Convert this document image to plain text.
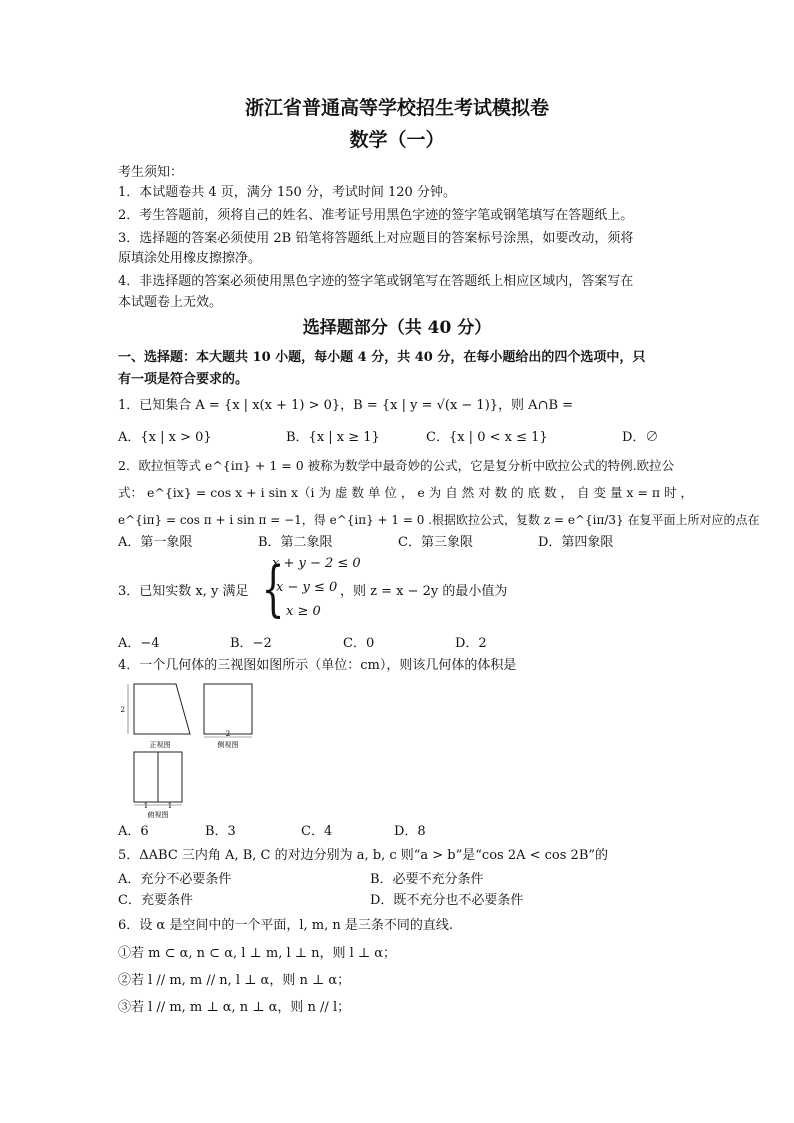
浙江省普通高等学校招生考试模拟卷
数学（一）
考生须知：
1．本试题卷共 4 页，满分 150 分，考试时间 120 分钟。
2．考生答题前，须将自己的姓名、准考证号用黑色字迹的签字笔或钢笔填写在答题纸上。
3．选择题的答案必须使用 2B 铅笔将答题纸上对应题目的答案标号涂黑，如要改动，须将
原填涂处用橡皮擦擦净。
4．非选择题的答案必须使用黑色字迹的签字笔或钢笔写在答题纸上相应区域内，答案写在
本试题卷上无效。
选择题部分（共 40 分）
一、选择题：本大题共 10 小题，每小题 4 分，共 40 分，在每小题给出的四个选项中，只
有一项是符合要求的。
1．已知集合 A = {x | x(x + 1) > 0}，B = {x | y = √(x − 1)}，则 A∩B =
A．{x | x > 0}	B．{x | x ≥ 1}	C．{x | 0 < x ≤ 1}	D．∅
2．欧拉恒等式 e^{iπ} + 1 = 0 被称为数学中最奇妙的公式，它是复分析中欧拉公式的特例.欧拉公
式： e^{ix} = cos x + i sin x（i 为 虚 数 单 位 ， e 为 自 然 对 数 的 底 数 ， 自 变 量 x = π 时 ，
e^{iπ} = cos π + i sin π = −1，得 e^{iπ} + 1 = 0 .根据欧拉公式，复数 z = e^{iπ/3} 在复平面上所对应的点在
A．第一象限	B．第二象限	C．第三象限	D．第四象限
3．已知实数 x, y 满足 {
x + y − 2 ≤ 0
x − y ≤ 0
x ≥ 0
，则 z = x − 2y 的最小值为
A．−4	B．−2	C．0	D．2
4．一个几何体的三视图如图所示（单位：cm），则该几何体的体积是
2
正视图
2
侧视图
1	1
俯视图
A．6	B．3	C．4	D．8
5．ΔABC 三内角 A, B, C 的对边分别为 a, b, c 则“a > b”是“cos 2A < cos 2B”的
A．充分不必要条件	B．必要不充分条件
C．充要条件	D．既不充分也不必要条件
6．设 α 是空间中的一个平面，l, m, n 是三条不同的直线.
①若 m ⊂ α, n ⊂ α, l ⊥ m, l ⊥ n，则 l ⊥ α；
②若 l // m, m // n, l ⊥ α，则 n ⊥ α；
③若 l // m, m ⊥ α, n ⊥ α，则 n // l；
